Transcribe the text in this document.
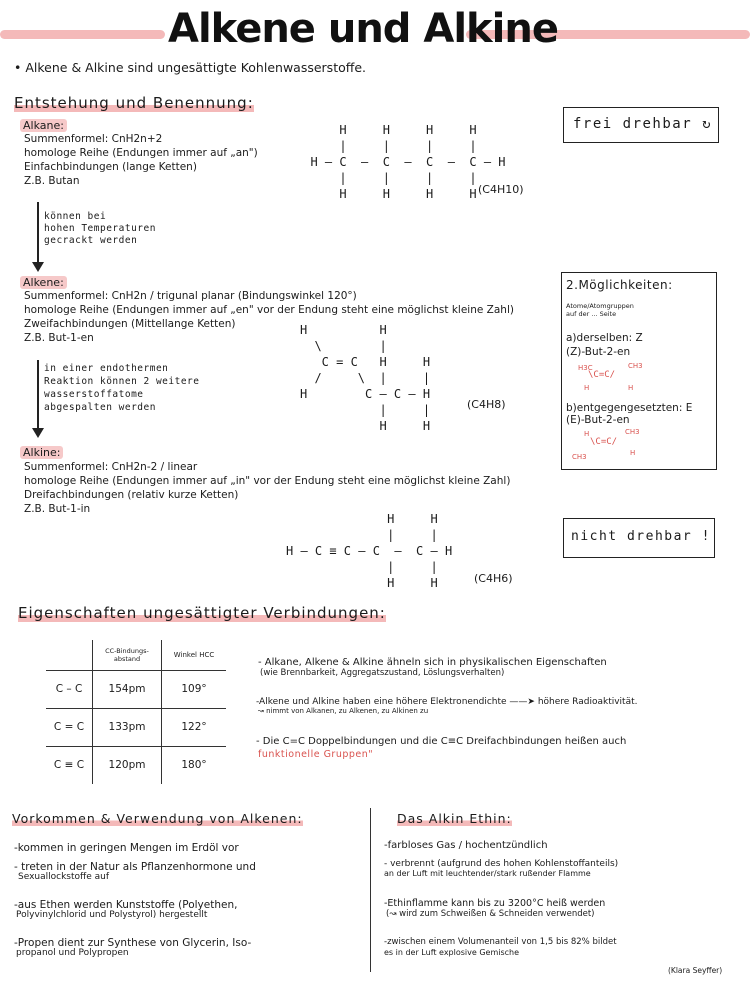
Alkene und Alkine
• Alkene & Alkine sind ungesättigte Kohlenwasserstoffe.
Entstehung und Benennung:
Alkane:
Summenformel: CnH2n+2
homologe Reihe (Endungen immer auf „an")
Einfachbindungen (lange Ketten)
Z.B. Butan
H     H     H     H
|     |     |     |
H — C  —  C  —  C  —  C — H
|     |     |     |
H     H     H     H (C4H10)
frei drehbar ↻
können bei
hohen Temperaturen
gecrackt werden
Alkene:
Summenformel: CnH2n / trigunal planar (Bindungswinkel 120°)
homologe Reihe (Endungen immer auf „en" vor der Endung steht eine möglichst kleine Zahl)
Zweifachbindungen (Mittellange Ketten)
Z.B. But-1-en
H          H
\        |
C = C   H     H
/     \  |     |
H        C — C — H
|     |
H     H
(C4H8)
in einer endothermen
Reaktion können 2 weitere
wasserstoffatome
abgespalten werden
2.Möglichkeiten:
Atome/Atomgruppen
auf der ... Seite
a)derselben: Z
(Z)-But-2-en
H3C	CH3
\C=C/
H	H
b)entgegengesetzten: E
(E)-But-2-en
H	CH3
\C=C/
CH3	H
Alkine:
Summenformel: CnH2n-2 / linear
homologe Reihe (Endungen immer auf „in" vor der Endung steht eine möglichst kleine Zahl)
Dreifachbindungen (relativ kurze Ketten)
Z.B. But-1-in
H     H
|     |
H — C ≡ C — C  —  C — H
|     |
H     H	(C4H6)
nicht drehbar !
Eigenschaften ungesättigter Verbindungen:
	CC-Bindungs-abstand	Winkel HCC
C – C	154pm	109°
C = C	133pm	122°
C ≡ C	120pm	180°
- Alkane, Alkene & Alkine ähneln sich in physikalischen Eigenschaften
(wie Brennbarkeit, Aggregatszustand, Löslungsverhalten)
-Alkene und Alkine haben eine höhere Elektronendichte ——➤ höhere Radioaktivität.
↝ nimmt von Alkanen, zu Alkenen, zu Alkinen zu
- Die C=C Doppelbindungen und die C≡C Dreifachbindungen heißen auch
funktionelle Gruppen"
Vorkommen & Verwendung von Alkenen:
-kommen in geringen Mengen im Erdöl vor
- treten in der Natur als Pflanzenhormone und
Sexuallockstoffe auf
-aus Ethen werden Kunststoffe (Polyethen,
Polyvinylchlorid und Polystyrol) hergestellt
-Propen dient zur Synthese von Glycerin, Iso-
propanol und Polypropen
Das Alkin Ethin:
-farbloses Gas / hochentzündlich
- verbrennt (aufgrund des hohen Kohlenstoffanteils)
an der Luft mit leuchtender/stark rußender Flamme
-Ethinflamme kann bis zu 3200°C heiß werden
(↝ wird zum Schweißen & Schneiden verwendet)
-zwischen einem Volumenanteil von 1,5 bis 82% bildet
es in der Luft explosive Gemische
(Klara Seyffer)
